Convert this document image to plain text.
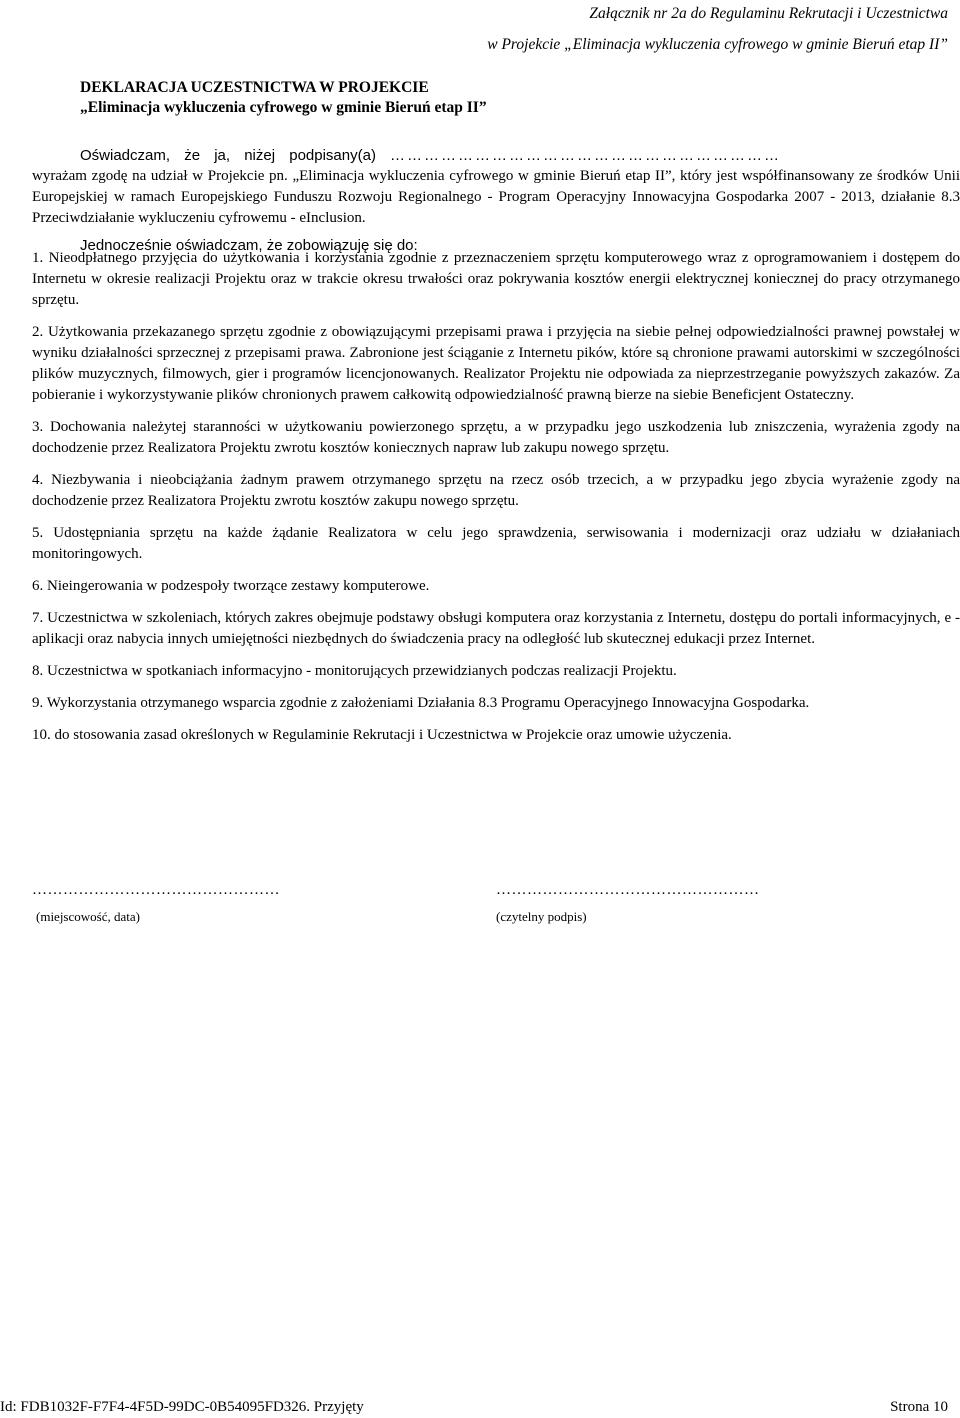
Załącznik nr 2a do Regulaminu Rekrutacji i Uczestnictwa
w Projekcie „Eliminacja wykluczenia cyfrowego w gminie Bieruń etap II”
DEKLARACJA UCZESTNICTWA W PROJEKCIE
„Eliminacja wykluczenia cyfrowego w gminie Bieruń etap II”
Oświadczam, że ja, niżej podpisany(a) ……………………………………………………………

wyrażam zgodę na udział w Projekcie pn. „Eliminacja wykluczenia cyfrowego w gminie Bieruń etap II”, który jest współfinansowany ze środków Unii Europejskiej w ramach Europejskiego Funduszu Rozwoju Regionalnego - Program Operacyjny Innowacyjna Gospodarka 2007 - 2013, działanie 8.3 Przeciwdziałanie wykluczeniu cyfrowemu - eInclusion.

Jednocześnie oświadczam, że zobowiązuję się do:

1. Nieodpłatnego przyjęcia do użytkowania i korzystania zgodnie z przeznaczeniem sprzętu komputerowego wraz z oprogramowaniem i dostępem do Internetu w okresie realizacji Projektu oraz w trakcie okresu trwałości oraz pokrywania kosztów energii elektrycznej koniecznej do pracy otrzymanego sprzętu.

2. Użytkowania przekazanego sprzętu zgodnie z obowiązującymi przepisami prawa i przyjęcia na siebie pełnej odpowiedzialności prawnej powstałej w wyniku działalności sprzecznej z przepisami prawa. Zabronione jest ściąganie z Internetu pików, które są chronione prawami autorskimi w szczególności plików muzycznych, filmowych, gier i programów licencjonowanych. Realizator Projektu nie odpowiada za nieprzestrzeganie powyższych zakazów. Za pobieranie i wykorzystywanie plików chronionych prawem całkowitą odpowiedzialność prawną bierze na siebie Beneficjent Ostateczny.

3. Dochowania należytej staranności w użytkowaniu powierzonego sprzętu, a w przypadku jego uszkodzenia lub zniszczenia, wyrażenia zgody na dochodzenie przez Realizatora Projektu zwrotu kosztów koniecznych napraw lub zakupu nowego sprzętu.

4. Niezbywania i nieobciążania żadnym prawem otrzymanego sprzętu na rzecz osób trzecich, a w przypadku jego zbycia wyrażenie zgody na dochodzenie przez Realizatora Projektu zwrotu kosztów zakupu nowego sprzętu.

5. Udostępniania sprzętu na każde żądanie Realizatora w celu jego sprawdzenia, serwisowania i modernizacji oraz udziału w działaniach monitoringowych.

6. Nieingerowania w podzespoły tworzące zestawy komputerowe.

7. Uczestnictwa w szkoleniach, których zakres obejmuje podstawy obsługi komputera oraz korzystania z Internetu, dostępu do portali informacyjnych, e - aplikacji oraz nabycia innych umiejętności niezbędnych do świadczenia pracy na odległość lub skutecznej edukacji przez Internet.

8. Uczestnictwa w spotkaniach informacyjno - monitorujących przewidzianych podczas realizacji Projektu.

9. Wykorzystania otrzymanego wsparcia zgodnie z założeniami Działania 8.3 Programu Operacyjnego Innowacyjna Gospodarka.

10. do stosowania zasad określonych w Regulaminie Rekrutacji i Uczestnictwa w Projekcie oraz umowie użyczenia.

…………………………………………	……………………………………………
(miejscowość, data)	(czytelny podpis)
Id: FDB1032F-F7F4-4F5D-99DC-0B54095FD326. Przyjęty	Strona 10
